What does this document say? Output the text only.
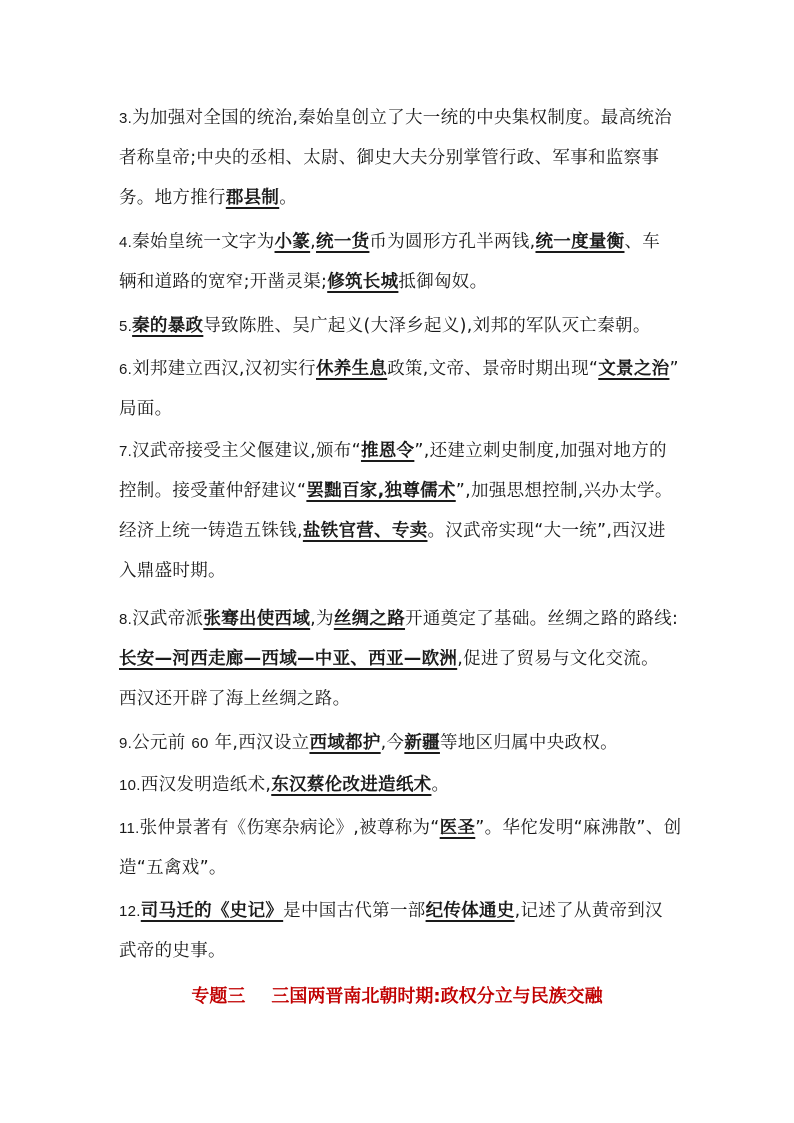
3.为加强对全国的统治,秦始皇创立了大一统的中央集权制度。最高统治
者称皇帝;中央的丞相、太尉、御史大夫分别掌管行政、军事和监察事
务。地方推行郡县制。
4.秦始皇统一文字为小篆,统一货币为圆形方孔半两钱,统一度量衡、车
辆和道路的宽窄;开凿灵渠;修筑长城抵御匈奴。
5.秦的暴政导致陈胜、吴广起义(大泽乡起义),刘邦的军队灭亡秦朝。
6.刘邦建立西汉,汉初实行休养生息政策,文帝、景帝时期出现“文景之治”
局面。
7.汉武帝接受主父偃建议,颁布“推恩令”,还建立刺史制度,加强对地方的
控制。接受董仲舒建议“罢黜百家,独尊儒术”,加强思想控制,兴办太学。
经济上统一铸造五铢钱,盐铁官营、专卖。汉武帝实现“大一统”,西汉进
入鼎盛时期。
8.汉武帝派张骞出使西域,为丝绸之路开通奠定了基础。丝绸之路的路线:
长安—河西走廊—西域—中亚、西亚—欧洲,促进了贸易与文化交流。
西汉还开辟了海上丝绸之路。
9.公元前 60 年,西汉设立西域都护,今新疆等地区归属中央政权。
10.西汉发明造纸术,东汉蔡伦改进造纸术。
11.张仲景著有《伤寒杂病论》,被尊称为“医圣”。华佗发明“麻沸散”、创
造“五禽戏”。
12.司马迁的《史记》是中国古代第一部纪传体通史,记述了从黄帝到汉
武帝的史事。
专题三 三国两晋南北朝时期:政权分立与民族交融
